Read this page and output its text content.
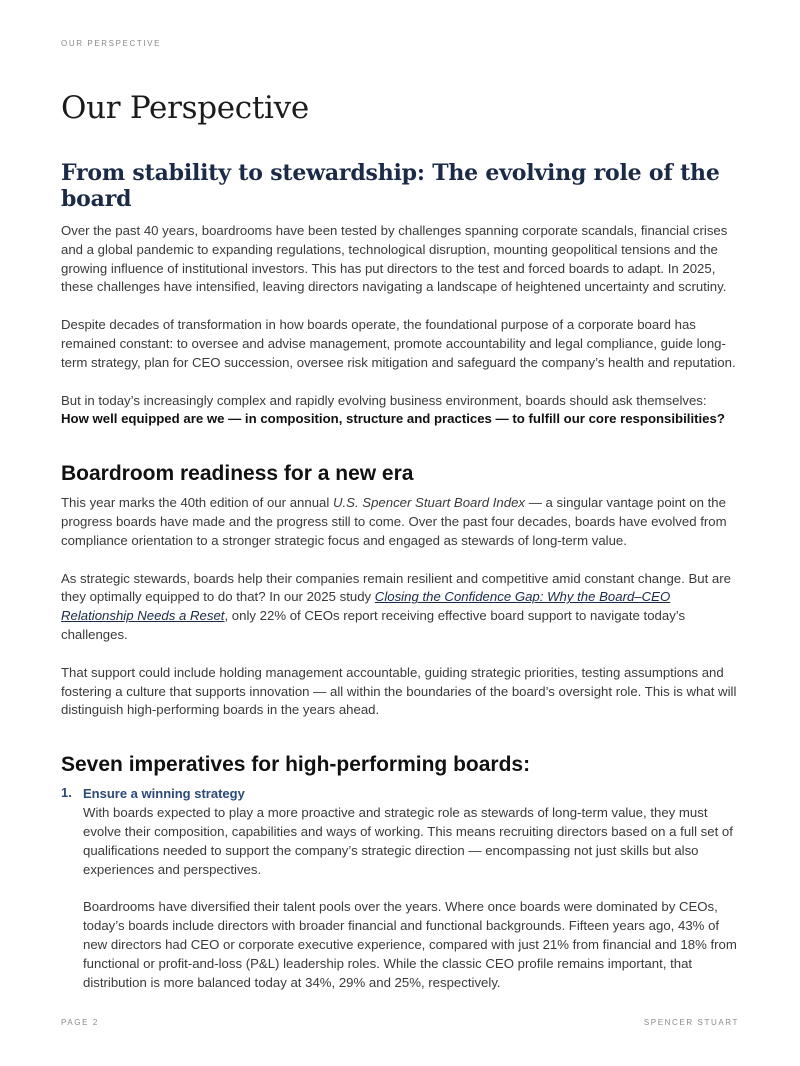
OUR PERSPECTIVE
Our Perspective
From stability to stewardship: The evolving role of the board

Over the past 40 years, boardrooms have been tested by challenges spanning corporate scandals, financial crises and a global pandemic to expanding regulations, technological disruption, mounting geopolitical tensions and the growing influence of institutional investors. This has put directors to the test and forced boards to adapt. In 2025, these challenges have intensified, leaving directors navigating a landscape of heightened uncertainty and scrutiny.

Despite decades of transformation in how boards operate, the foundational purpose of a corporate board has remained constant: to oversee and advise management, promote accountability and legal compliance, guide long-term strategy, plan for CEO succession, oversee risk mitigation and safeguard the company’s health and reputation.

But in today’s increasingly complex and rapidly evolving business environment, boards should ask themselves:
How well equipped are we — in composition, structure and practices — to fulfill our core responsibilities?

Boardroom readiness for a new era

This year marks the 40th edition of our annual U.S. Spencer Stuart Board Index — a singular vantage point on the progress boards have made and the progress still to come. Over the past four decades, boards have evolved from compliance orientation to a stronger strategic focus and engaged as stewards of long-term value.

As strategic stewards, boards help their companies remain resilient and competitive amid constant change. But are they optimally equipped to do that? In our 2025 study Closing the Confidence Gap: Why the Board–CEO Relationship Needs a Reset, only 22% of CEOs report receiving effective board support to navigate today’s challenges.

That support could include holding management accountable, guiding strategic priorities, testing assumptions and fostering a culture that supports innovation — all within the boundaries of the board’s oversight role. This is what will distinguish high-performing boards in the years ahead.

Seven imperatives for high-performing boards:
1. Ensure a winning strategy

With boards expected to play a more proactive and strategic role as stewards of long-term value, they must evolve their composition, capabilities and ways of working. This means recruiting directors based on a full set of qualifications needed to support the company’s strategic direction — encompassing not just skills but also experiences and perspectives.

Boardrooms have diversified their talent pools over the years. Where once boards were dominated by CEOs, today’s boards include directors with broader financial and functional backgrounds. Fifteen years ago, 43% of new directors had CEO or corporate executive experience, compared with just 21% from financial and 18% from functional or profit-and-loss (P&L) leadership roles. While the classic CEO profile remains important, that distribution is more balanced today at 34%, 29% and 25%, respectively.

PAGE 2	SPENCER STUART
